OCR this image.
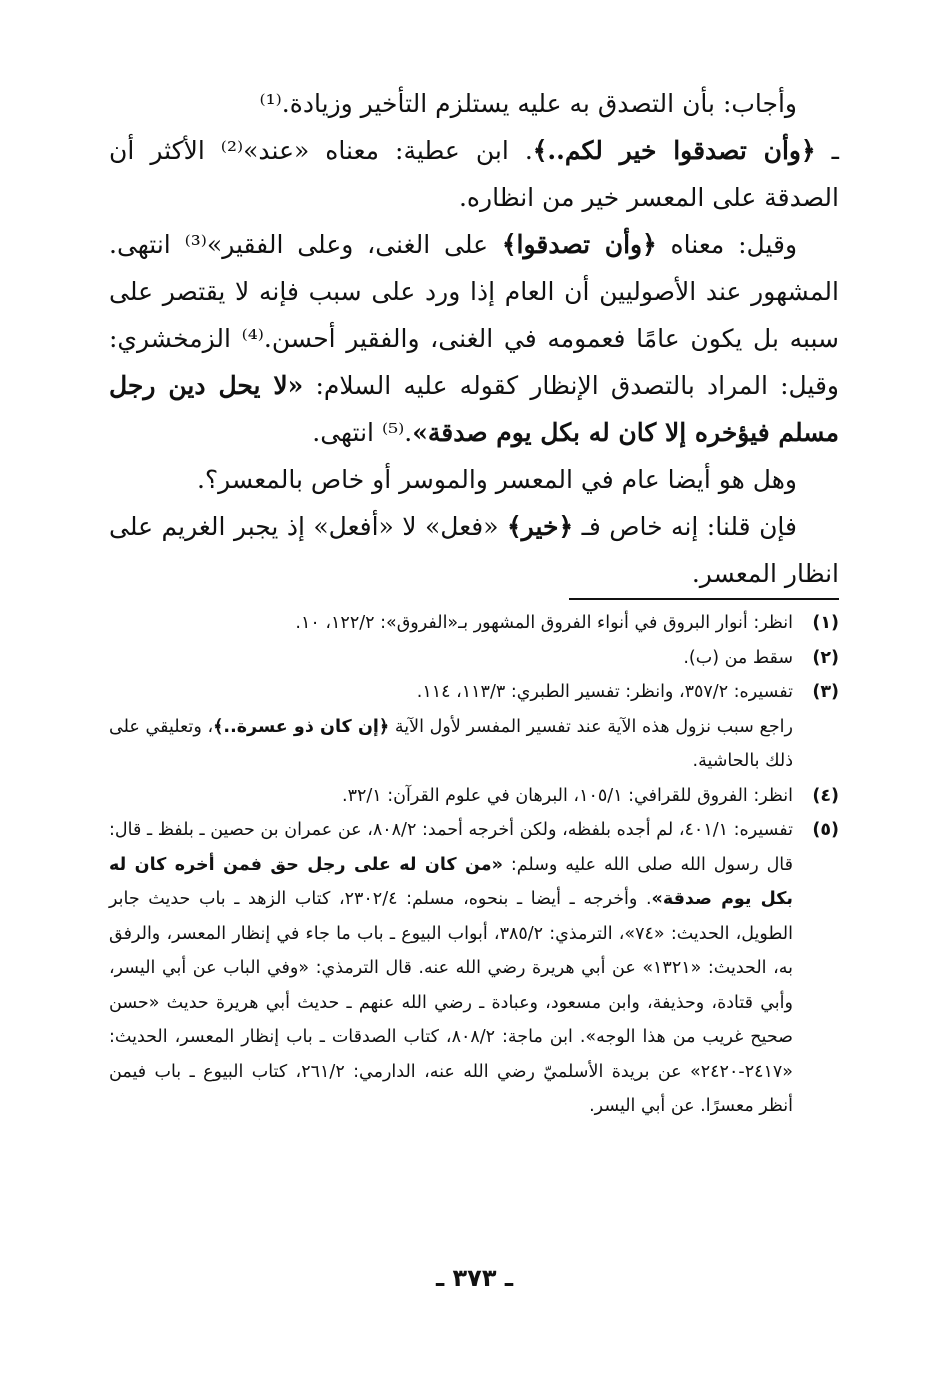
وأجاب: بأن التصدق به عليه يستلزم التأخير وزيادة.⁽¹⁾

ـ ﴿وأن تصدقوا خير لكم..﴾. ابن عطية: معناه «عند»⁽²⁾ الأكثر أن الصدقة على المعسر خير من انظاره.

وقيل: معناه ﴿وأن تصدقوا﴾ على الغنى، وعلى الفقير»⁽³⁾ انتهى. المشهور عند الأصوليين أن العام إذا ورد على سبب فإنه لا يقتصر على سببه بل يكون عامًا فعمومه في الغنى، والفقير أحسن.⁽⁴⁾ الزمخشري: وقيل: المراد بالتصدق الإنظار كقوله عليه السلام: «لا يحل دين رجل مسلم فيؤخره إلا كان له بكل يوم صدقة».⁽⁵⁾ انتهى.

وهل هو أيضا عام في المعسر والموسر أو خاص بالمعسر؟.

فإن قلنا: إنه خاص فـ ﴿خير﴾ «فعل» لا «أفعل» إذ يجبر الغريم على انظار المعسر.

(١)
انظر: أنوار البروق في أنواء الفروق المشهور بـ«الفروق»: ١٢٢/٢، ١٠.
(٢)
سقط من (ب).
(٣)
تفسيره: ٣٥٧/٢، وانظر: تفسير الطبري: ١١٣/٣، ١١٤.

راجع سبب نزول هذه الآية عند تفسير المفسر لأول الآية ﴿إن كان ذو عسرة..﴾، وتعليقي على ذلك بالحاشية.

(٤)
انظر: الفروق للقرافي: ١٠٥/١، البرهان في علوم القرآن: ٣٢/١.
(٥)
تفسيره: ٤٠١/١، لم أجده بلفظه، ولكن أخرجه أحمد: ٨٠٨/٢، عن عمران بن حصين ـ بلفظ ـ قال: قال رسول الله صلى الله عليه وسلم: «من كان له على رجل حق فمن أخره كان له بكل يوم صدقة». وأخرجه ـ أيضا ـ بنحوه، مسلم: ٢٣٠٢/٤، كتاب الزهد ـ باب حديث جابر الطويل، الحديث: «٧٤»، الترمذي: ٣٨٥/٢، أبواب البيوع ـ باب ما جاء في إنظار المعسر، والرفق به، الحديث: «١٣٢١» عن أبي هريرة رضي الله عنه. قال الترمذي: «وفي الباب عن أبي اليسر، وأبي قتادة، وحذيفة، وابن مسعود، وعبادة ـ رضي الله عنهم ـ حديث أبي هريرة حديث «حسن صحيح غريب من هذا الوجه». ابن ماجة: ٨٠٨/٢، كتاب الصدقات ـ باب إنظار المعسر، الحديث: «٢٤١٧-٢٤٢٠» عن بريدة الأسلميّ رضي الله عنه، الدارمي: ٢٦١/٢، كتاب البيوع ـ باب فيمن أنظر معسرًا. عن أبي اليسر.
ـ ٣٧٣ ـ
